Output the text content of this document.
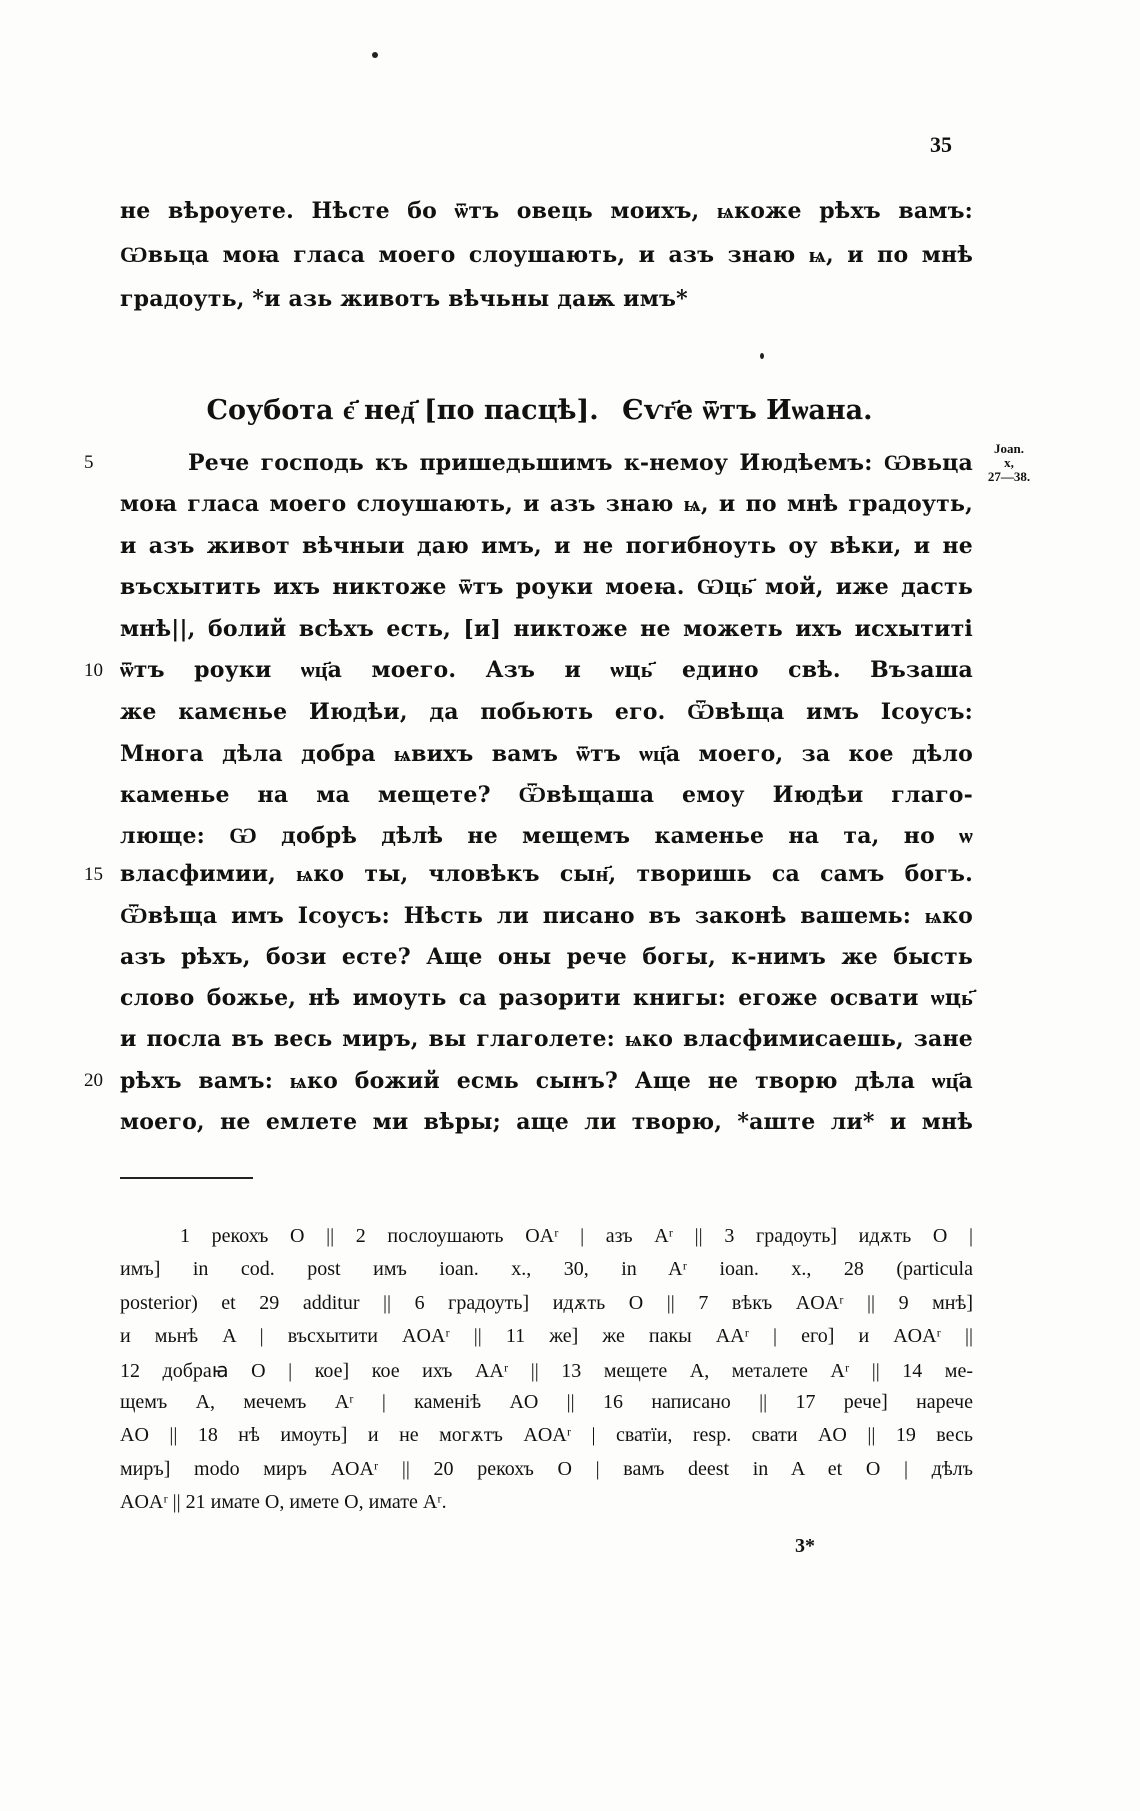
35
не вѣроуете. Нѣсте бо ѿтъ овець моихъ, ѩкоже рѣхъ вамъ:
Ѡвьца моꙗ гласа моего слоушають, и азъ знаю ѩ, и по мнѣ
градоуть, *и азь животъ вѣчьны даѭ имъ*
Соуботa є҃ нед҃ [по пасцѣ]. Єѵг҃е ѿтъ Иѡана.
Joan.
x,
27—38.
5
10
15
20
Рече господь къ пришедьшимъ к-немоу Июдѣемъ: Ѡвьца
моꙗ гласа моего слоушають, и азъ знаю ѩ, и по мнѣ градоуть,
и азъ живот вѣчныи даю имъ, и не погибноуть оу вѣки, и не
въсхытить ихъ никтоже ѿтъ роуки моеꙗ. Ѡць҃ мой, иже дасть
мнѣ||, болий всѣхъ есть, [и] никтоже не можеть ихъ исхытиті
ѿтъ роуки ѡц҃а моего. Азъ и ѡць҃ едино свѣ. Възаша
же камєнье Июдѣи, да побьють его. Ѿвѣща имъ Ісоусъ:
Многа дѣла добра ѩвихъ вамъ ѿтъ ѡц҃а моего, за кое дѣло
каменье на ма мещете? Ѿвѣщаша емоу Июдѣи глаго-
люще: Ѡ добрѣ дѣлѣ не мещемъ каменье на та, но ѡ
власфимии, ѩко ты, чловѣкъ сын҃, творишь са самъ богъ.
Ѿвѣща имъ Ісоусъ: Нѣсть ли писано въ законѣ вашемь: ѩко
азъ рѣхъ, бози есте? Аще оны рече богы, к-нимъ же бысть
слово божье, нѣ имоуть са разорити книгы: егоже освати ѡць҃
и посла въ весь миръ, вы глаголете: ѩко власфимисаешь, зане
рѣхъ вамъ: ѩко божий есмь сынъ? Аще не творю дѣла ѡц҃а
моего, не емлете ми вѣры; аще ли творю, *аште ли* и мнѣ
1 рекохъ O || 2 послоушають OAʳ | азъ Aʳ || 3 градоуть] идѫть O |
имъ] in cod. post имъ ioan. x., 30, in Aʳ ioan. x., 28 (particula
posterior) et 29 additur || 6 градоуть] идѫть O || 7 вѣкъ AOAʳ || 9 мнѣ]
и мьнѣ A | въсхытити AOAʳ || 11 же] же пакы AAʳ | его] и AOAʳ ||
12 добраꙗ O | кое] кое ихъ AAʳ || 13 мещете A, металете Aʳ || 14 ме-
щемъ A, мечемъ Aʳ | каменіѣ AO || 16 написано || 17 рече] нарече
AO || 18 нѣ имоуть] и не могѫтъ AOAʳ | сватїи, resp. свати AO || 19 весь
миръ] modo миръ AOAʳ || 20 рекохъ O | вамъ deest in A et O | дѣлъ
AOAʳ || 21 имате O, имете O, имате Aʳ.
3*
